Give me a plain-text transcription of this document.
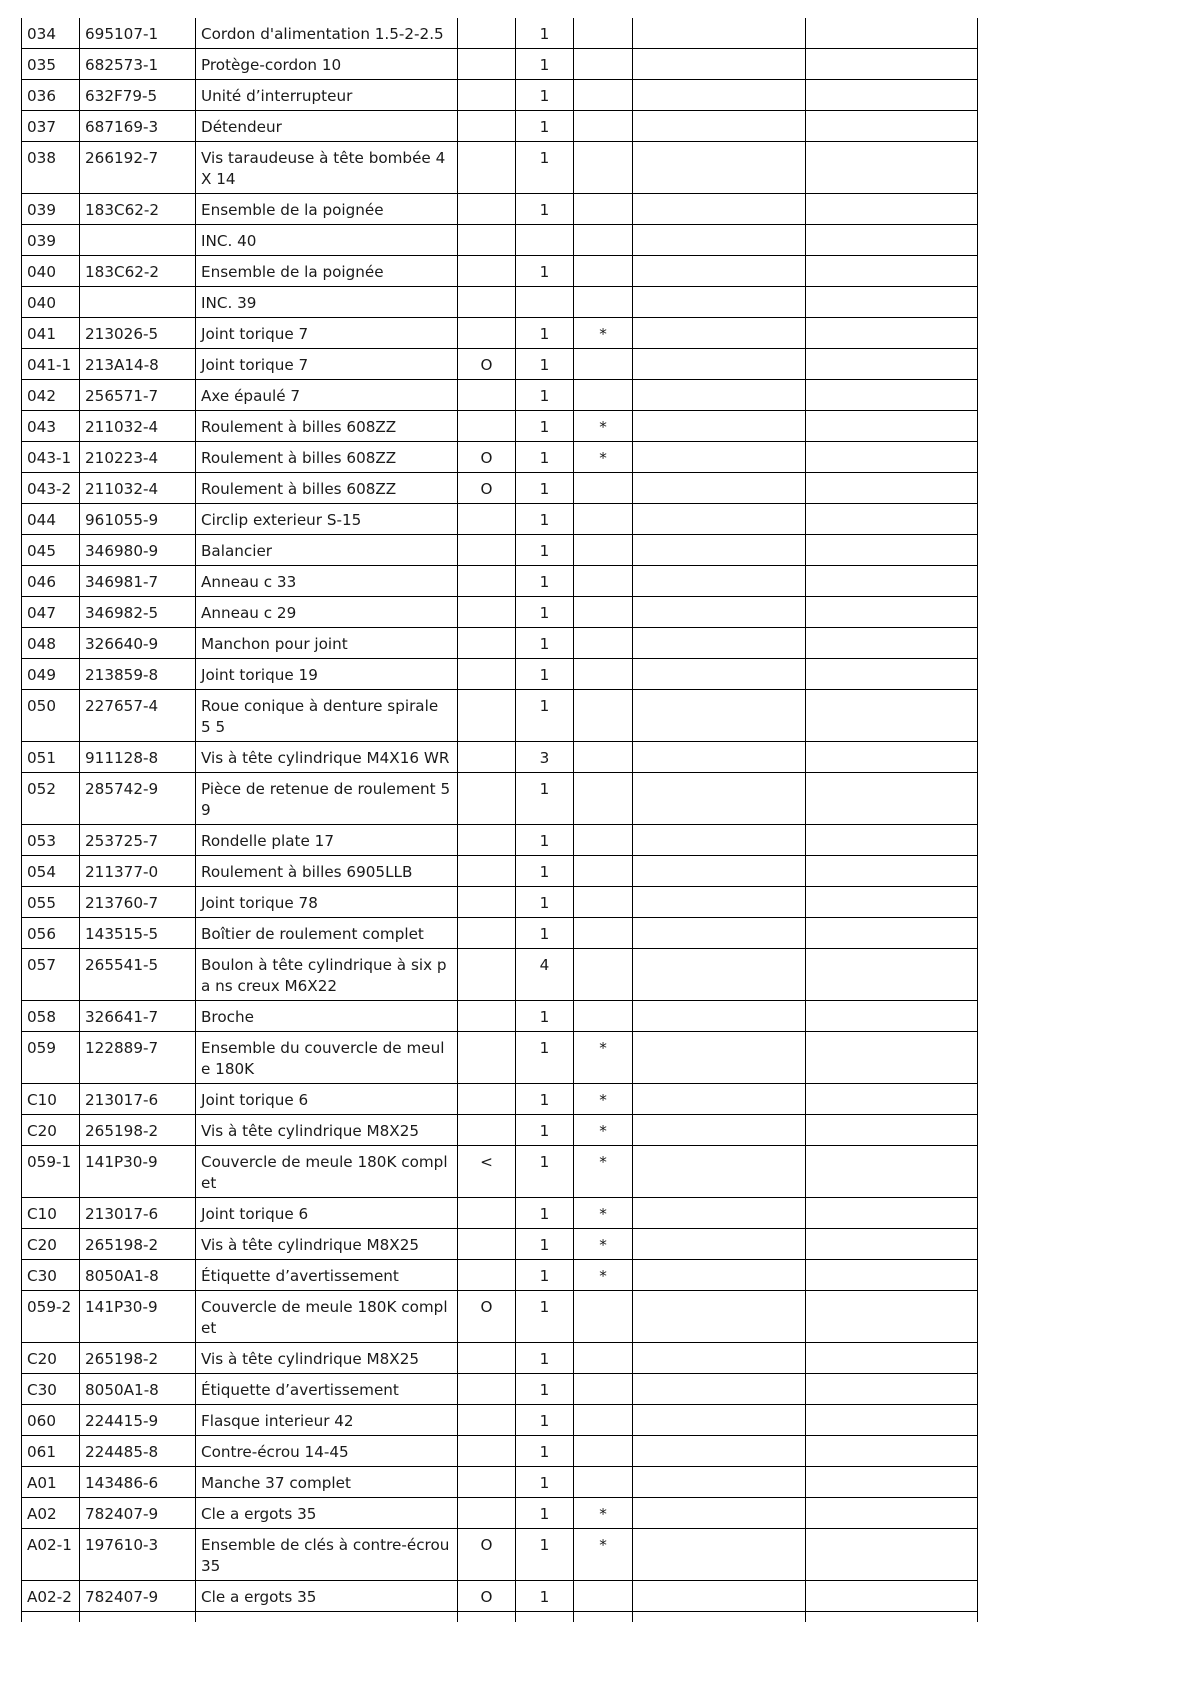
034	695107-1	Cordon d'alimentation 1.5-2-2.5		1			
035	682573-1	Protège-cordon 10		1			
036	632F79-5	Unité d’interrupteur		1			
037	687169-3	Détendeur		1			
038	266192-7	Vis taraudeuse à tête bombée 4X 14		1			
039	183C62-2	Ensemble de la poignée		1			
039		INC. 40					
040	183C62-2	Ensemble de la poignée		1			
040		INC. 39					
041	213026-5	Joint torique 7		1	*		
041-1	213A14-8	Joint torique 7	O	1			
042	256571-7	Axe épaulé 7		1			
043	211032-4	Roulement à billes 608ZZ		1	*		
043-1	210223-4	Roulement à billes 608ZZ	O	1	*		
043-2	211032-4	Roulement à billes 608ZZ	O	1			
044	961055-9	Circlip exterieur S-15		1			
045	346980-9	Balancier		1			
046	346981-7	Anneau c 33		1			
047	346982-5	Anneau c 29		1			
048	326640-9	Manchon pour joint		1			
049	213859-8	Joint torique 19		1			
050	227657-4	Roue conique à denture spirale 5 5		1			
051	911128-8	Vis à tête cylindrique M4X16 WR		3			
052	285742-9	Pièce de retenue de roulement 5 9		1			
053	253725-7	Rondelle plate 17		1			
054	211377-0	Roulement à billes 6905LLB		1			
055	213760-7	Joint torique 78		1			
056	143515-5	Boîtier de roulement complet		1			
057	265541-5	Boulon à tête cylindrique à six pa ns creux M6X22		4			
058	326641-7	Broche		1			
059	122889-7	Ensemble du couvercle de meule 180K		1	*		
C10	213017-6	Joint torique 6		1	*		
C20	265198-2	Vis à tête cylindrique M8X25		1	*		
059-1	141P30-9	Couvercle de meule 180K compl et	<	1	*		
C10	213017-6	Joint torique 6		1	*		
C20	265198-2	Vis à tête cylindrique M8X25		1	*		
C30	8050A1-8	Étiquette d’avertissement		1	*		
059-2	141P30-9	Couvercle de meule 180K compl et	O	1			
C20	265198-2	Vis à tête cylindrique M8X25		1			
C30	8050A1-8	Étiquette d’avertissement		1			
060	224415-9	Flasque interieur 42		1			
061	224485-8	Contre-écrou 14-45		1			
A01	143486-6	Manche 37 complet		1			
A02	782407-9	Cle a ergots 35		1	*		
A02-1	197610-3	Ensemble de clés à contre-écrou 35	O	1	*		
A02-2	782407-9	Cle a ergots 35	O	1			
